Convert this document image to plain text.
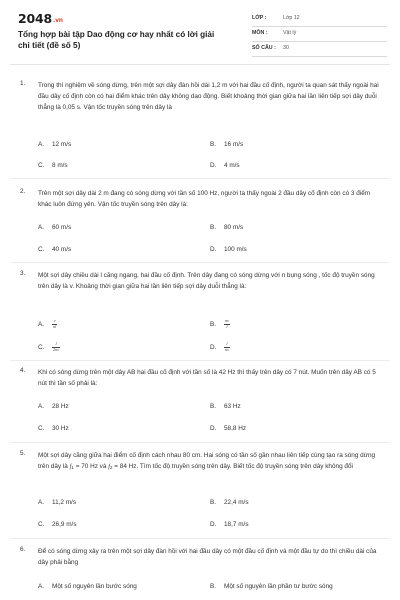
2048.vn
Tổng hợp bài tập Dao động cơ hay nhất có lời giải chi tiết (đề số 5)
LỚP :	Lớp 12
MÔN :	Vật lý
SỐ CÂU : 30
1. Trong thí nghiệm về sóng dừng, trên một sợi dây đàn hồi dài 1,2 m với hai đầu cố định, người ta quan sát thấy ngoài hai đầu dây cố định còn có hai điểm khác trên dây không dao động. Biết khoảng thời gian giữa hai lần liên tiếp sợi dây duỗi thẳng là 0,05 s. Vận tốc truyền sóng trên dây là
A. 12 m/s	B. 16 m/s
C. 8 m/s	D. 4 m/s
2. Trên một sợi dây dài 2 m đang có sóng dừng với tần số 100 Hz, người ta thấy ngoài 2 đầu dây cố định còn có 3 điểm khác luôn đứng yên. Vận tốc truyền sóng trên dây là:
A. 60 m/s	B. 80 m/s
C. 40 m/s	D. 100 m/s
3. Một sợi dây chiều dài l căng ngang, hai đầu cố định. Trên dây đang có sóng dừng với n bụng sóng , tốc độ truyền sóng trên dây là v. Khoảng thời gian giữa hai lần liên tiếp sợi dây duỗi thẳng là:
A. $\frac{v}{nl}$	B. $\frac{nv}{l}$
C. $\frac{l}{2nv}$	D. $\frac{l}{nv}$
4. Khi có sóng dừng trên một dây AB hai đầu cố định với tần số là 42 Hz thì thấy trên dây có 7 nút. Muốn trên dây AB có 5 nút thì tần số phải là:
A. 28 Hz	B. 63 Hz
C. 30 Hz	D. 58,8 Hz
5. Một sợi dây căng giữa hai điểm cố định cách nhau 80 cm. Hai sóng có tần số gần nhau liên tiếp cùng tạo ra sóng dừng trên dây là $f_1 = 70$ Hz và $f_2 = 84$ Hz. Tìm tốc độ truyền sóng trên dây. Biết tốc độ truyền sóng trên dây không đổi
A. 11,2 m/s	B. 22,4 m/s
C. 26,9 m/s	D. 18,7 m/s
6. Để có sóng dừng xảy ra trên một sợi dây đàn hồi với hai đầu dây có một đầu cố định và một đầu tự do thì chiều dài của dây phải bằng
A. Một số nguyên lần bước sóng	B. Một số nguyên lần phần tư bước sóng
